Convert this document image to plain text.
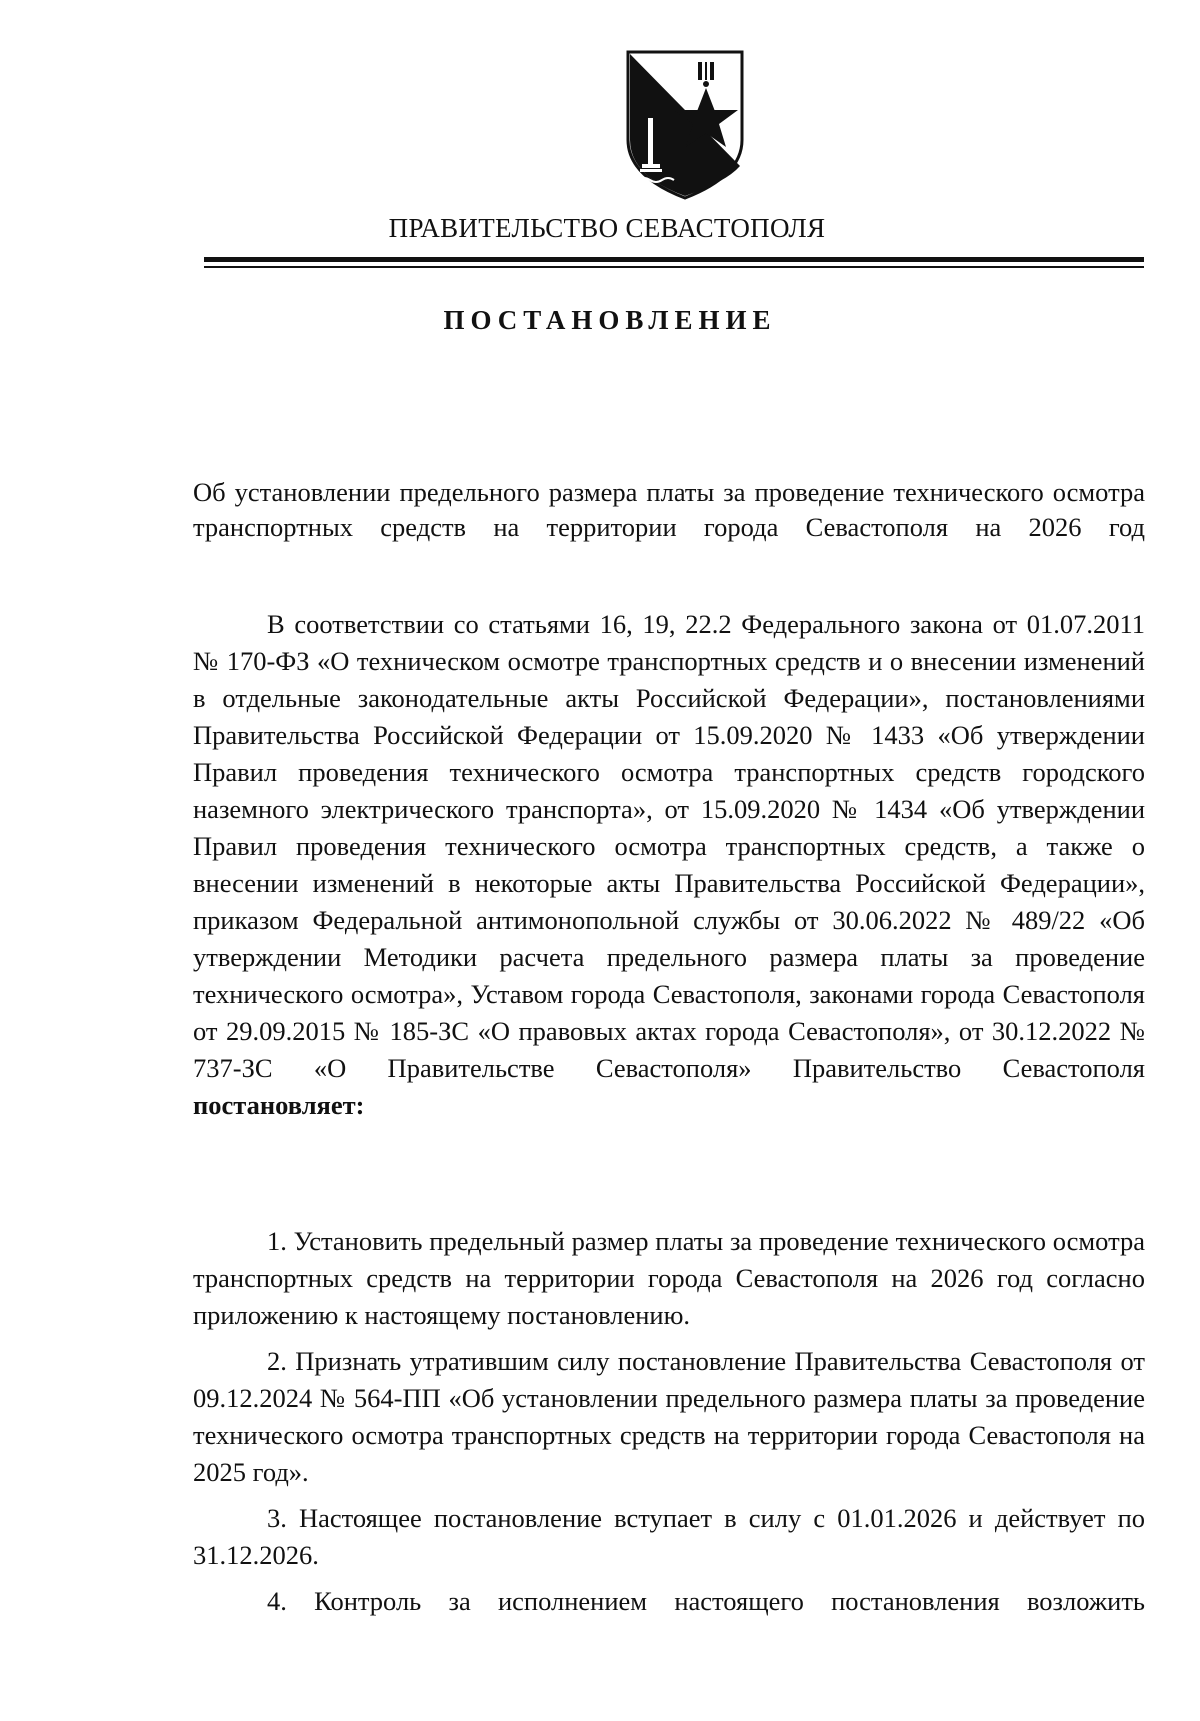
ПРАВИТЕЛЬСТВО СЕВАСТОПОЛЯ
ПОСТАНОВЛЕНИЕ
Об установлении предельного размера платы за проведение технического осмотра транспортных средств на территории города Севастополя на 2026 год
В соответствии со статьями 16, 19, 22.2 Федерального закона от 01.07.2011 № 170-ФЗ «О техническом осмотре транспортных средств и о внесении изменений в отдельные законодательные акты Российской Федерации», постановлениями Правительства Российской Федерации от 15.09.2020 № 1433 «Об утверждении Правил проведения технического осмотра транспортных средств городского наземного электрического транспорта», от 15.09.2020 № 1434 «Об утверждении Правил проведения технического осмотра транспортных средств, а также о внесении изменений в некоторые акты Правительства Российской Федерации», приказом Федеральной антимонопольной службы от 30.06.2022 № 489/22 «Об утверждении Методики расчета предельного размера платы за проведение технического осмотра», Уставом города Севастополя, законами города Севастополя от 29.09.2015 № 185-ЗС «О правовых актах города Севастополя», от 30.12.2022 № 737-ЗС «О Правительстве Севастополя» Правительство Севастополя постановляет:

1. Установить предельный размер платы за проведение технического осмотра транспортных средств на территории города Севастополя на 2026 год согласно приложению к настоящему постановлению.

2. Признать утратившим силу постановление Правительства Севастополя от 09.12.2024 № 564-ПП «Об установлении предельного размера платы за проведение технического осмотра транспортных средств на территории города Севастополя на 2025 год».

3. Настоящее постановление вступает в силу с 01.01.2026 и действует по 31.12.2026.

4. Контроль за исполнением настоящего постановления возложить
